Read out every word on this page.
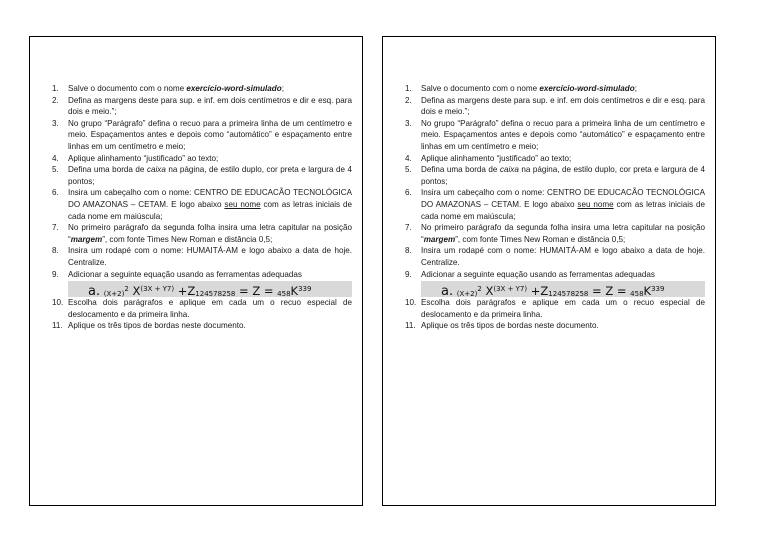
1. Salve o documento com o nome exercício-word-simulado;
2. Defina as margens deste para sup. e inf. em dois centímetros e dir e esq. para dois e meio.”;
3. No grupo “Parágrafo” defina o recuo para a primeira linha de um centímetro e meio. Espaçamentos antes e depois como “automático” e espaçamento entre linhas em um centímetro e meio;
4. Aplique alinhamento “justificado” ao texto;
5. Defina uma borda de caixa na página, de estilo duplo, cor preta e largura de 4 pontos;
6. Insira um cabeçalho com o nome: CENTRO DE EDUCACÃO TECNOLÓGICA DO AMAZONAS – CETAM. E logo abaixo seu nome com as letras iniciais de cada nome em maiúscula;
7. No primeiro parágrafo da segunda folha insira uma letra capitular na posição “margem”, com fonte Times New Roman e distância 0,5;
8. Insira um rodapé com o nome: HUMAITÁ-AM e logo abaixo a data de hoje. Centralize.
9. Adicionar a seguinte equação usando as ferramentas adequadas
a. $_{(X+2)}^2$ $X^{(3X + Y7)} +Z_{124578258} = Z = _{458}K^{339}$
10. Escolha dois parágrafos e aplique em cada um o recuo especial de deslocamento e da primeira linha.
11. Aplique os três tipos de bordas neste documento.
1. Salve o documento com o nome exercício-word-simulado;
2. Defina as margens deste para sup. e inf. em dois centímetros e dir e esq. para dois e meio.”;
3. No grupo “Parágrafo” defina o recuo para a primeira linha de um centímetro e meio. Espaçamentos antes e depois como “automático” e espaçamento entre linhas em um centímetro e meio;
4. Aplique alinhamento “justificado” ao texto;
5. Defina uma borda de caixa na página, de estilo duplo, cor preta e largura de 4 pontos;
6. Insira um cabeçalho com o nome: CENTRO DE EDUCACÃO TECNOLÓGICA DO AMAZONAS – CETAM. E logo abaixo seu nome com as letras iniciais de cada nome em maiúscula;
7. No primeiro parágrafo da segunda folha insira uma letra capitular na posição “margem”, com fonte Times New Roman e distância 0,5;
8. Insira um rodapé com o nome: HUMAITÁ-AM e logo abaixo a data de hoje. Centralize.
9. Adicionar a seguinte equação usando as ferramentas adequadas
a. $_{(X+2)}^2$ $X^{(3X + Y7)} +Z_{124578258} = Z = _{458}K^{339}$
10. Escolha dois parágrafos e aplique em cada um o recuo especial de deslocamento e da primeira linha.
11. Aplique os três tipos de bordas neste documento.
